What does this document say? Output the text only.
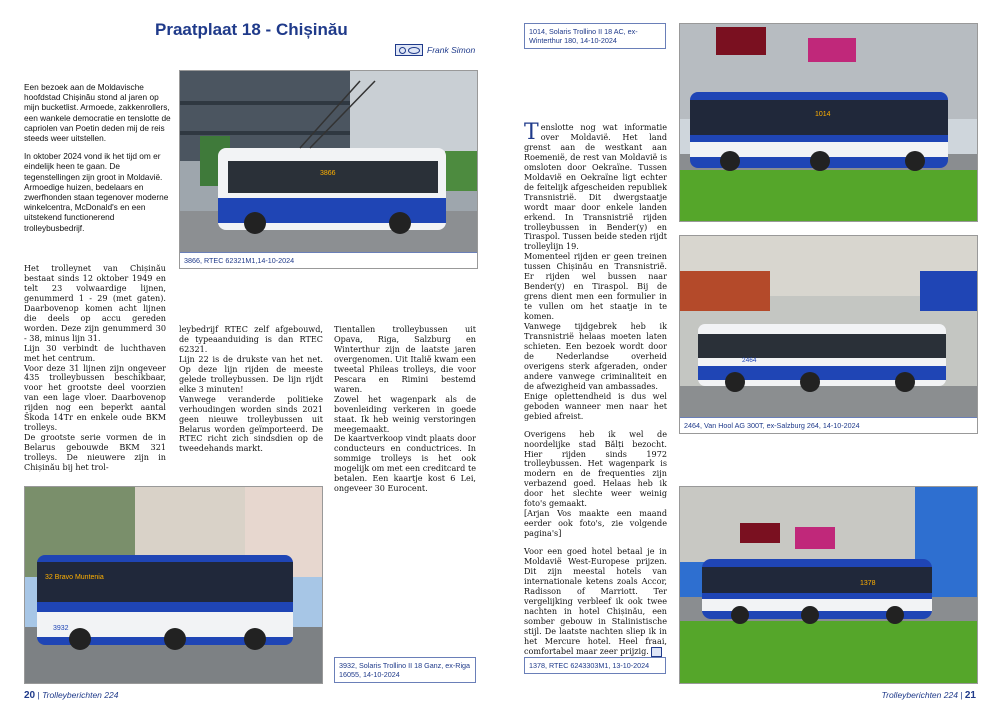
Praatplaat 18 - Chișinău
Frank Simon

Een bezoek aan de Moldavische hoofdstad Chișinău stond al jaren op mijn bucketlist. Armoede, zakkenrollers, een wankele democratie en tenslotte de capriolen van Poetin deden mij de reis steeds weer uitstellen.

In oktober 2024 vond ik het tijd om er eindelijk heen te gaan. De tegenstellingen zijn groot in Moldavië. Armoedige huizen, bedelaars en zwerfhonden staan tegenover moderne winkelcentra, McDonald's en een uitstekend functionerend trolleybusbedrijf.

Het trolleynet van Chișinău bestaat sinds 12 oktober 1949 en telt 23 volwaardige lijnen, genummerd 1 - 29 (met gaten). Daarbovenop komen acht lijnen die deels op accu gereden worden. Deze zijn genummerd 30 - 38, minus lijn 31.

Lijn 30 verbindt de luchthaven met het centrum.

Voor deze 31 lijnen zijn ongeveer 435 trolleybussen beschikbaar, voor het grootste deel voorzien van een lage vloer. Daarbovenop rijden nog een beperkt aantal Škoda 14Tr en enkele oude BKM trolleys.

De grootste serie vormen de in Belarus gebouwde BKM 321 trolleys. De nieuwere zijn in Chișinău bij het trol-

leybedrijf RTEC zelf afgebouwd, de typeaanduiding is dan RTEC 62321.

Lijn 22 is de drukste van het net. Op deze lijn rijden de meeste gelede trolleybussen. De lijn rijdt elke 3 minuten!

Vanwege veranderde politieke verhoudingen worden sinds 2021 geen nieuwe trolleybussen uit Belarus worden geïmporteerd. De RTEC richt zich sindsdien op de tweedehands markt.

Tientallen trolleybussen uit Opava, Riga, Salzburg en Winterthur zijn de laatste jaren overgenomen. Uit Italië kwam een tweetal Phileas trolleys, die voor Pescara en Rimini bestemd waren.

Zowel het wagenpark als de bovenleiding verkeren in goede staat. Ik heb weinig verstoringen meegemaakt.

De kaartverkoop vindt plaats door conducteurs en conductrices. In sommige trolleys is het ook mogelijk om met een creditcard te betalen. Een kaartje kost 6 Lei, ongeveer 30 Eurocent.

3866
3866, RTEC 62321M1,14-10-2024
32 Bravo Muntenia
3932
3932, Solaris Trollino II 18 Ganz, ex-Riga 16055, 14-10-2024
20 | Trolleyberichten 224
1014, Solaris Trollino II 18 AC, ex-Winterthur 180, 14-10-2024

Tenslotte nog wat informatie over Moldavië. Het land grenst aan de westkant aan Roemenië, de rest van Moldavië is omsloten door Oekraïne. Tussen Moldavië en Oekraïne ligt echter de feitelijk afgescheiden republiek Transnistrië. Dit dwergstaatje wordt maar door enkele landen erkend. In Transnistrië rijden trolleybussen in Bender(y) en Tiraspol. Tussen beide steden rijdt trolleylijn 19.

Momenteel rijden er geen treinen tussen Chișinău en Transnistrië. Er rijden wel bussen naar Bender(y) en Tiraspol. Bij de grens dient men een formulier in te vullen om het staatje in te komen.

Vanwege tijdgebrek heb ik Transnistrië helaas moeten laten schieten. Een bezoek wordt door de Nederlandse overheid overigens sterk afgeraden, onder andere vanwege criminaliteit en de afwezigheid van ambassades.

Enige oplettendheid is dus wel geboden wanneer men naar het gebied afreist.

Overigens heb ik wel de noordelijke stad Bălți bezocht. Hier rijden sinds 1972 trolleybussen. Het wagenpark is modern en de frequenties zijn verbazend goed. Helaas heb ik door het slechte weer weinig foto's gemaakt.

[Arjan Vos maakte een maand eerder ook foto's, zie volgende pagina's]

Voor een goed hotel betaal je in Moldavië West-Europese prijzen. Dit zijn meestal hotels van internationale ketens zoals Accor, Radisson of Marriott. Ter vergelijking verbleef ik ook twee nachten in hotel Chișinău, een somber gebouw in Stalinistische stijl. De laatste nachten sliep ik in het Mercure hotel. Heel fraai, comfortabel maar zeer prijzig.

1014
2464
2464, Van Hool AG 300T, ex-Salzburg 264, 14-10-2024
1378
1378, RTEC 6243303M1, 13-10-2024
Trolleyberichten 224 | 21
